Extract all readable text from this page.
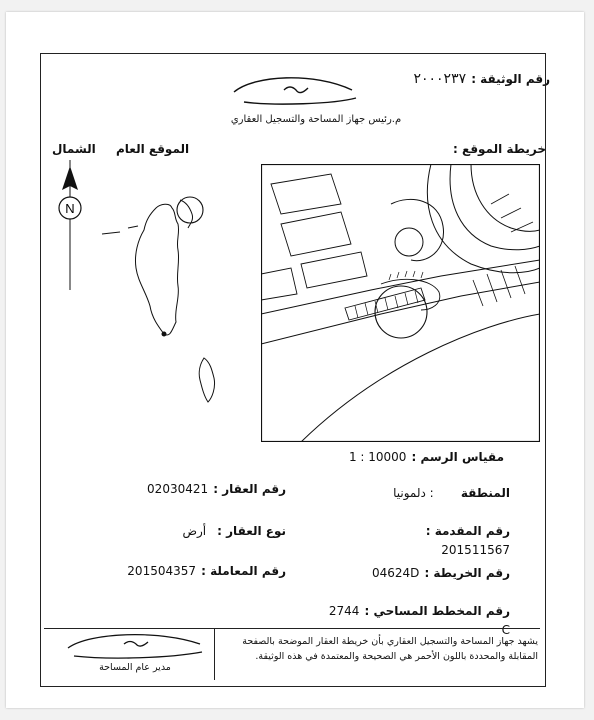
رقم الوثيقة : ٢٠٠٠٢٣٧
م.رئيس جهاز المساحة والتسجيل العقاري
خريطة الموقع :
الموقع العام
الشمال
N
مقياس الرسم : 1 : 10000
المنطقة : دلمونيا
رقم العقار : 02030421
رقم المقدمة : 201511567
نوع العقار : أرض
رقم الخريطة : 04624D
رقم المعاملة : 201504357
رقم المخطط المساحي : 2744 C
يشهد جهاز المساحة والتسجيل العقاري بأن خريطة العقار الموضحة بالصفحة المقابلة والمحددة باللون الأحمر هي الصحيحة والمعتمدة في هذه الوثيقة.
مدير عام المساحة
